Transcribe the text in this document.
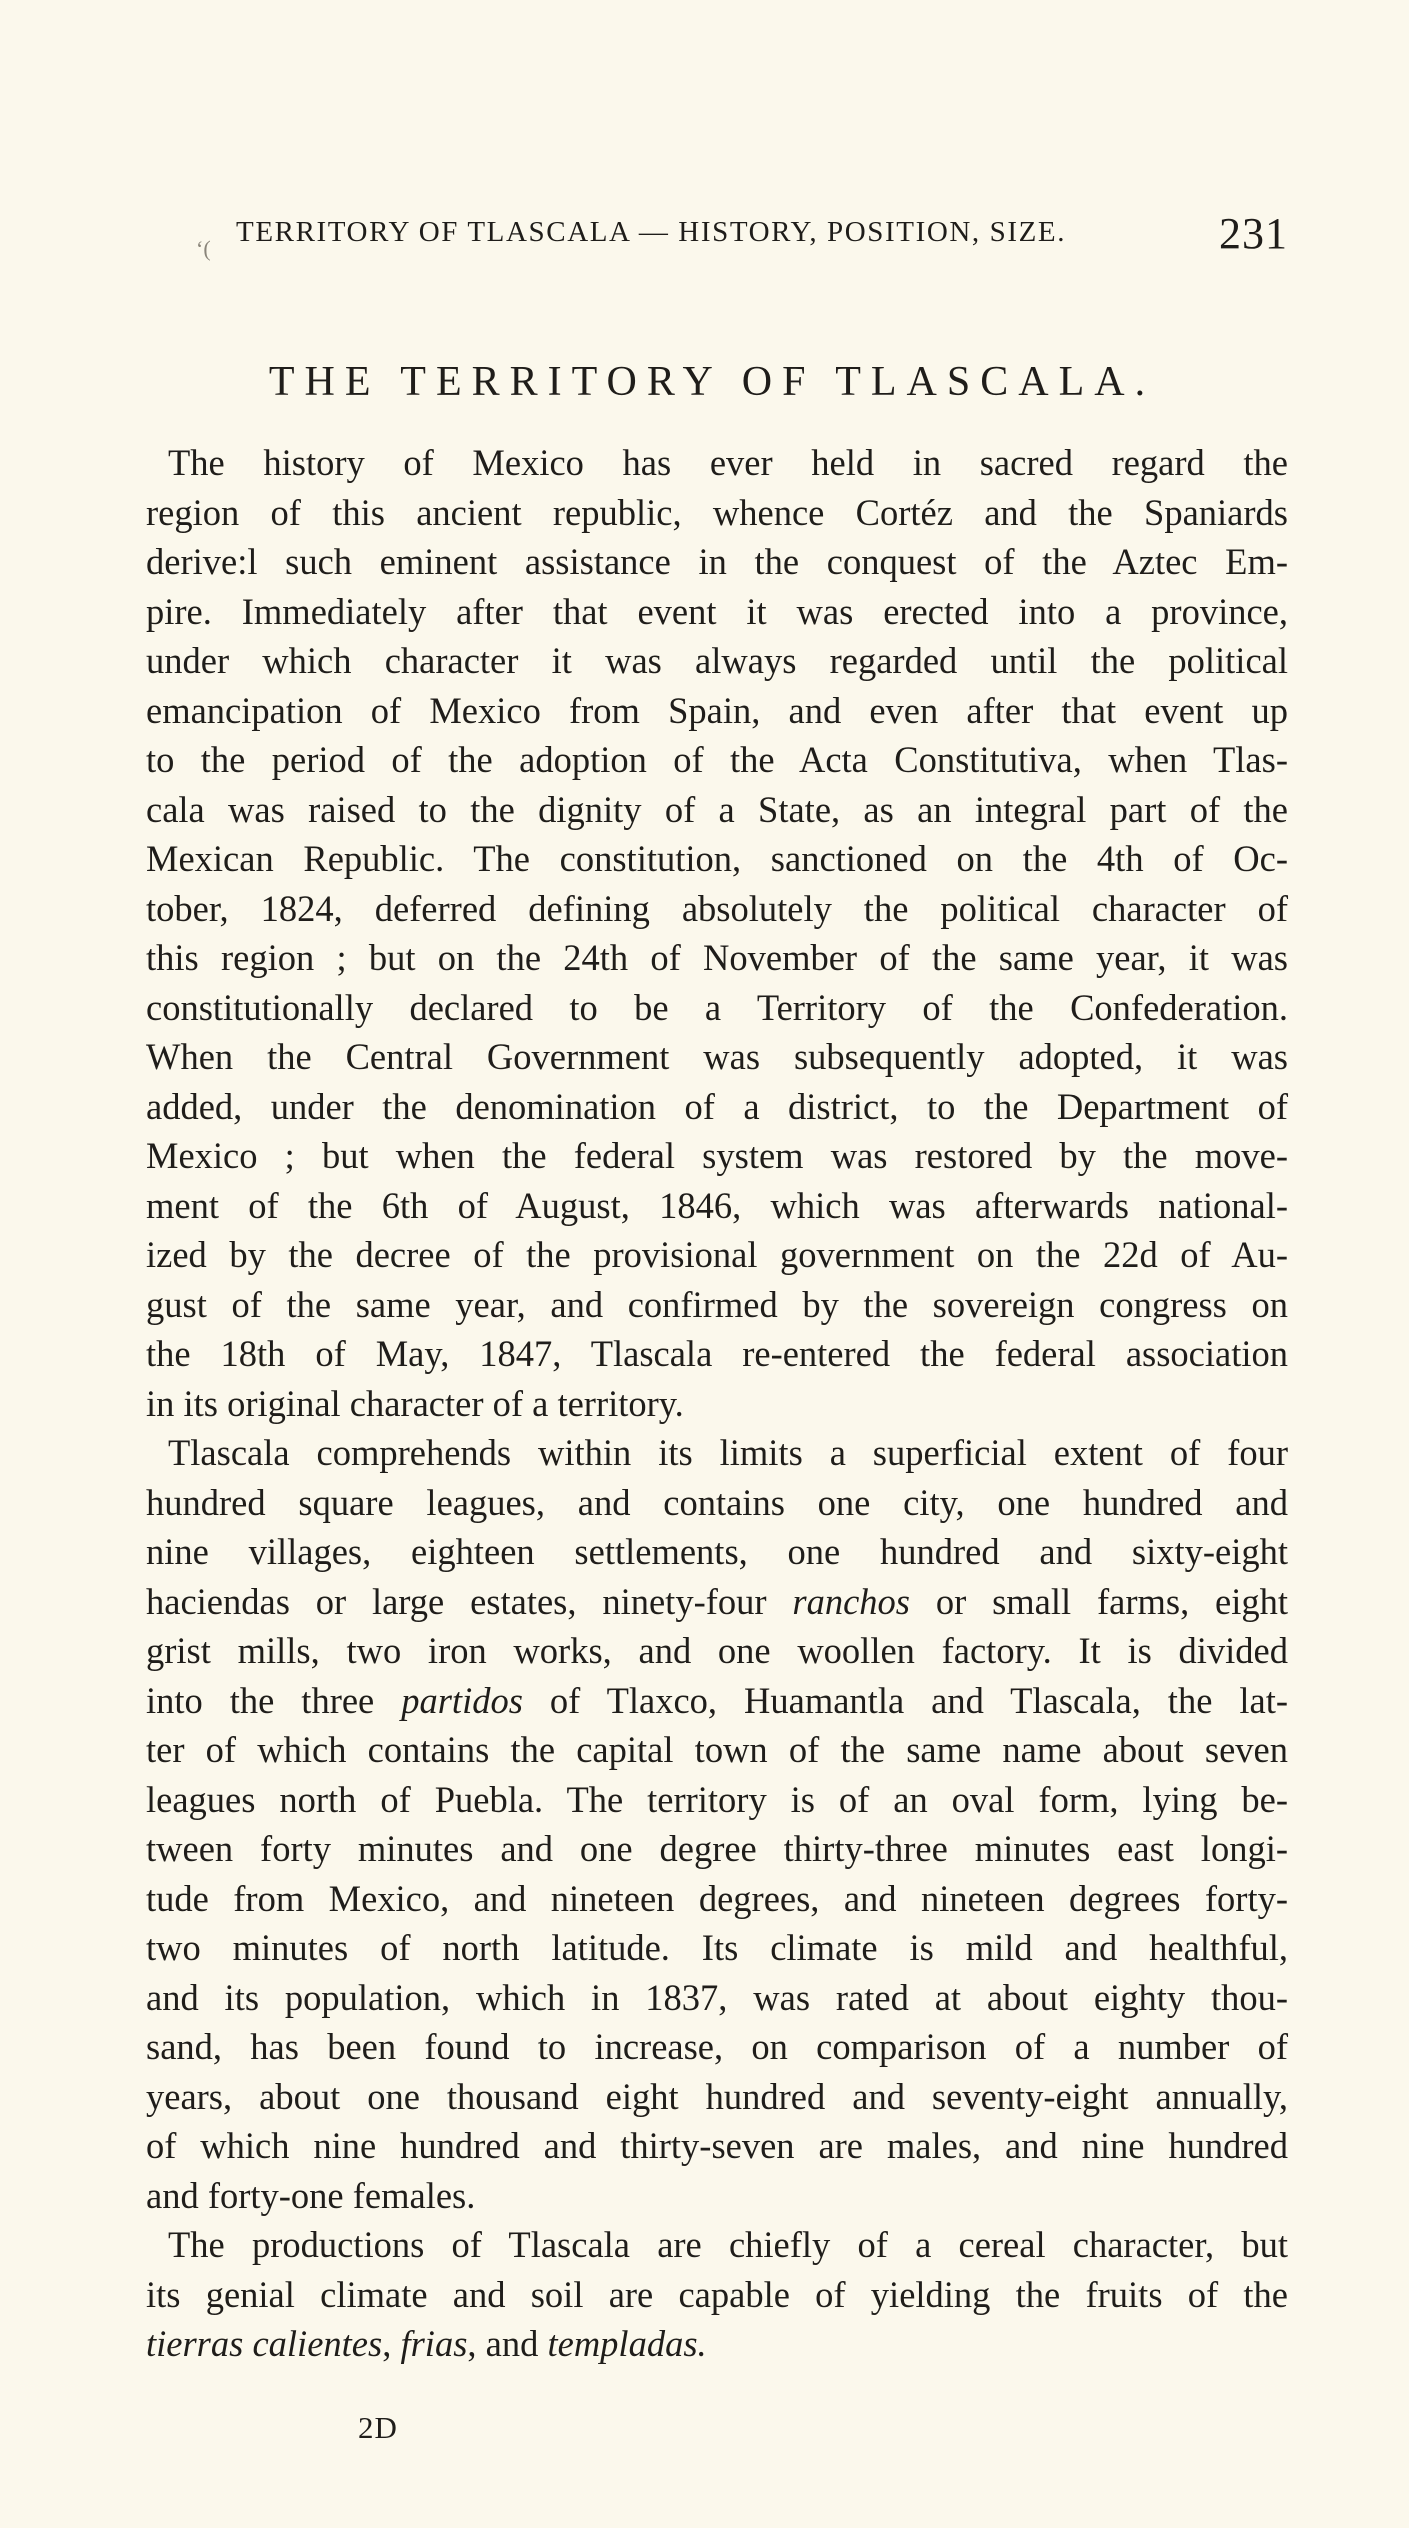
TERRITORY OF TLASCALA — HISTORY, POSITION, SIZE.	231
ʻ(
THE TERRITORY OF TLASCALA.
The history of Mexico has ever held in sacred regard the
region of this ancient republic, whence Cortéz and the Spaniards
derive:l such eminent assistance in the conquest of the Aztec Em-
pire. Immediately after that event it was erected into a province,
under which character it was always regarded until the political
emancipation of Mexico from Spain, and even after that event up
to the period of the adoption of the Acta Constitutiva, when Tlas-
cala was raised to the dignity of a State, as an integral part of the
Mexican Republic. The constitution, sanctioned on the 4th of Oc-
tober, 1824, deferred defining absolutely the political character of
this region ; but on the 24th of November of the same year, it was
constitutionally declared to be a Territory of the Confederation.
When the Central Government was subsequently adopted, it was
added, under the denomination of a district, to the Department of
Mexico ; but when the federal system was restored by the move-
ment of the 6th of August, 1846, which was afterwards national-
ized by the decree of the provisional government on the 22d of Au-
gust of the same year, and confirmed by the sovereign congress on
the 18th of May, 1847, Tlascala re-entered the federal association
in its original character of a territory.
Tlascala comprehends within its limits a superficial extent of four
hundred square leagues, and contains one city, one hundred and
nine villages, eighteen settlements, one hundred and sixty-eight
haciendas or large estates, ninety-four ranchos or small farms, eight
grist mills, two iron works, and one woollen factory. It is divided
into the three partidos of Tlaxco, Huamantla and Tlascala, the lat-
ter of which contains the capital town of the same name about seven
leagues north of Puebla. The territory is of an oval form, lying be-
tween forty minutes and one degree thirty-three minutes east longi-
tude from Mexico, and nineteen degrees, and nineteen degrees forty-
two minutes of north latitude. Its climate is mild and healthful,
and its population, which in 1837, was rated at about eighty thou-
sand, has been found to increase, on comparison of a number of
years, about one thousand eight hundred and seventy-eight annually,
of which nine hundred and thirty-seven are males, and nine hundred
and forty-one females.
The productions of Tlascala are chiefly of a cereal character, but
its genial climate and soil are capable of yielding the fruits of the
tierras calientes, frias, and templadas.
2D
